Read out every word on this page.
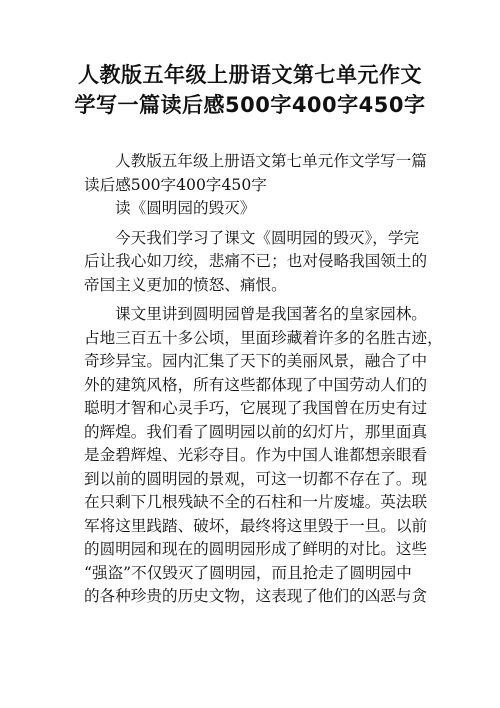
人教版五年级上册语文第七单元作文
学写一篇读后感500字400字450字
人教版五年级上册语文第七单元作文学写一篇
读后感500字400字450字
读《圆明园的毁灭》
今天我们学习了课文《圆明园的毁灭》，学完
后让我心如刀绞，悲痛不已；也对侵略我国领土的
帝国主义更加的愤怒、痛恨。
课文里讲到圆明园曾是我国著名的皇家园林。
占地三百五十多公顷，里面珍藏着许多的名胜古迹，
奇珍异宝。园内汇集了天下的美丽风景，融合了中
外的建筑风格，所有这些都体现了中国劳动人们的
聪明才智和心灵手巧，它展现了我国曾在历史有过
的辉煌。我们看了圆明园以前的幻灯片，那里面真
是金碧辉煌、光彩夺目。作为中国人谁都想亲眼看
到以前的圆明园的景观，可这一切都不存在了。现
在只剩下几根残缺不全的石柱和一片废墟。英法联
军将这里践踏、破坏，最终将这里毁于一旦。以前
的圆明园和现在的圆明园形成了鲜明的对比。这些
“强盗”不仅毁灭了圆明园，而且抢走了圆明园中
的各种珍贵的历史文物，这表现了他们的凶恶与贪
